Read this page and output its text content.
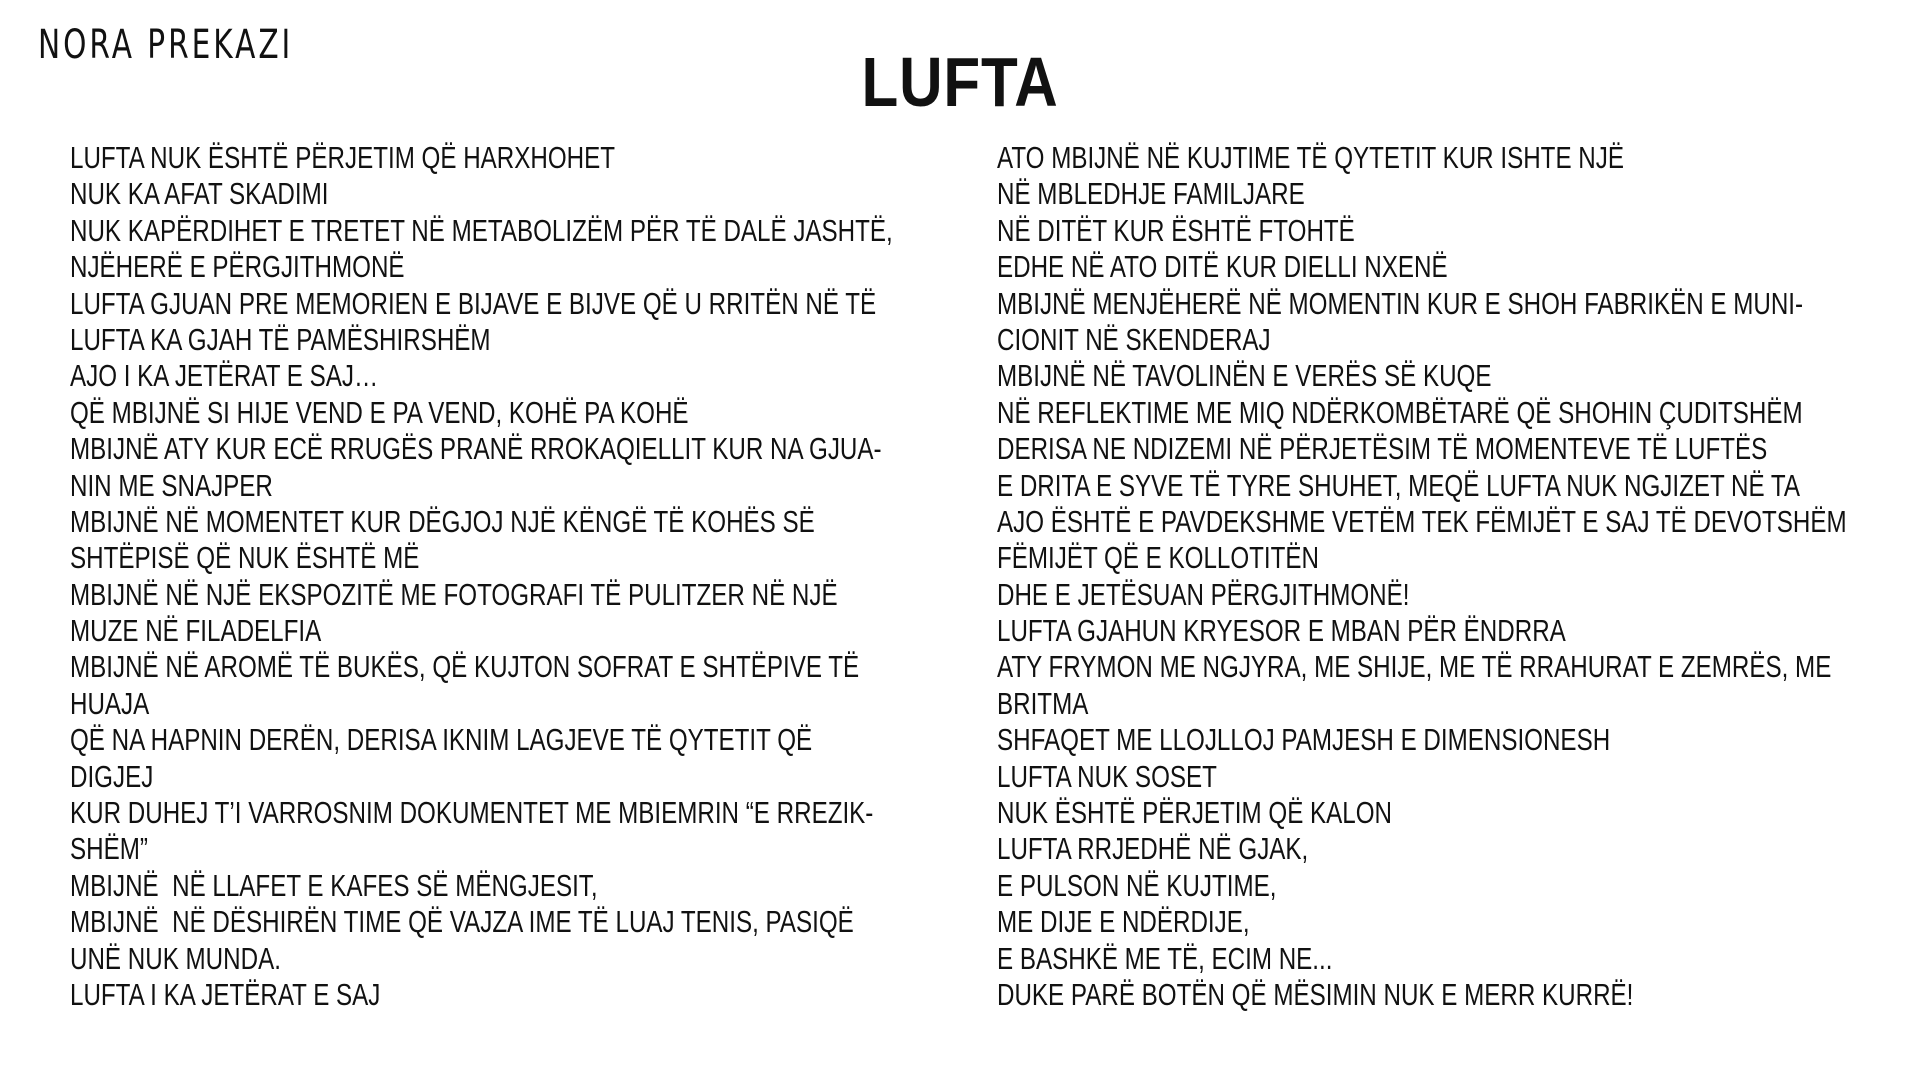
NORA PREKAZI	LUFTA
LUFTA NUK ËSHTË PËRJETIM QË HARXHOHET
NUK KA AFAT SKADIMI
NUK KAPËRDIHET E TRETET NË METABOLIZËM PËR TË DALË JASHTË,
NJËHERË E PËRGJITHMONË
LUFTA GJUAN PRE MEMORIEN E BIJAVE E BIJVE QË U RRITËN NË TË
LUFTA KA GJAH TË PAMËSHIRSHËM
AJO I KA JETËRAT E SAJ…
QË MBIJNË SI HIJE VEND E PA VEND, KOHË PA KOHË
MBIJNË ATY KUR ECË RRUGËS PRANË RROKAQIELLIT KUR NA GJUA-
NIN ME SNAJPER
MBIJNË NË MOMENTET KUR DËGJOJ NJË KËNGË TË KOHËS SË
SHTËPISË QË NUK ËSHTË MË
MBIJNË NË NJË EKSPOZITË ME FOTOGRAFI TË PULITZER NË NJË
MUZE NË FILADELFIA
MBIJNË NË AROMË TË BUKËS, QË KUJTON SOFRAT E SHTËPIVE TË
HUAJA
QË NA HAPNIN DERËN, DERISA IKNIM LAGJEVE TË QYTETIT QË
DIGJEJ
KUR DUHEJ T’I VARROSNIM DOKUMENTET ME MBIEMRIN “E RREZIK-
SHËM”
MBIJNË  NË LLAFET E KAFES SË MËNGJESIT,
MBIJNË  NË DËSHIRËN TIME QË VAJZA IME TË LUAJ TENIS, PASIQË
UNË NUK MUNDA.
LUFTA I KA JETËRAT E SAJ
ATO MBIJNË NË KUJTIME TË QYTETIT KUR ISHTE NJË
NË MBLEDHJE FAMILJARE
NË DITËT KUR ËSHTË FTOHTË
EDHE NË ATO DITË KUR DIELLI NXENË
MBIJNË MENJËHERË NË MOMENTIN KUR E SHOH FABRIKËN E MUNI-
CIONIT NË SKENDERAJ
MBIJNË NË TAVOLINËN E VERËS SË KUQE
NË REFLEKTIME ME MIQ NDËRKOMBËTARË QË SHOHIN ÇUDITSHËM
DERISA NE NDIZEMI NË PËRJETËSIM TË MOMENTEVE TË LUFTËS
E DRITA E SYVE TË TYRE SHUHET, MEQË LUFTA NUK NGJIZET NË TA
AJO ËSHTË E PAVDEKSHME VETËM TEK FËMIJËT E SAJ TË DEVOTSHËM
FËMIJËT QË E KOLLOTITËN
DHE E JETËSUAN PËRGJITHMONË!
LUFTA GJAHUN KRYESOR E MBAN PËR ËNDRRA
ATY FRYMON ME NGJYRA, ME SHIJE, ME TË RRAHURAT E ZEMRËS, ME
BRITMA
SHFAQET ME LLOJLLOJ PAMJESH E DIMENSIONESH
LUFTA NUK SOSET
NUK ËSHTË PËRJETIM QË KALON
LUFTA RRJEDHË NË GJAK,
E PULSON NË KUJTIME,
ME DIJE E NDËRDIJE,
E BASHKË ME TË, ECIM NE...
DUKE PARË BOTËN QË MËSIMIN NUK E MERR KURRË!
